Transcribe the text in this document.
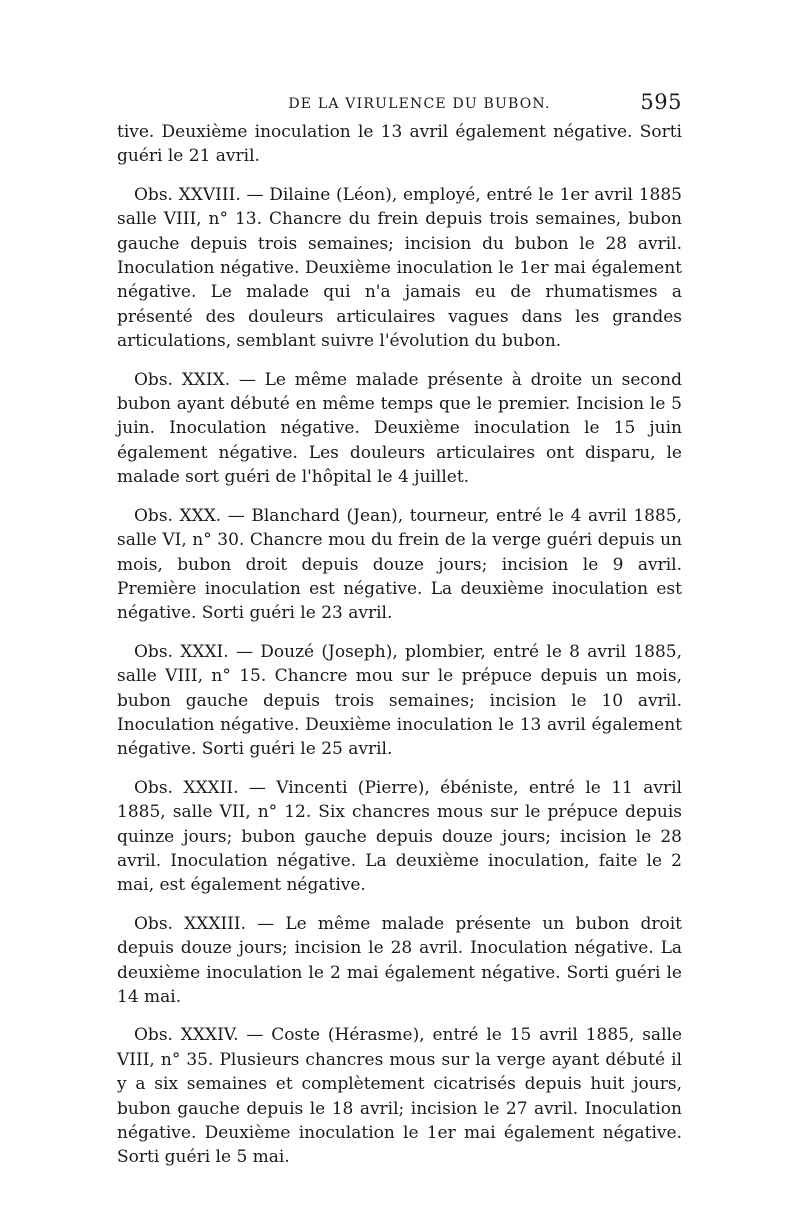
DE LA VIRULENCE DU BUBON.	595

tive. Deuxième inoculation le 13 avril également négative. Sorti guéri le 21 avril.

Obs. XXVIII. — Dilaine (Léon), employé, entré le 1er avril 1885 salle VIII, n° 13. Chancre du frein depuis trois semaines, bubon gauche depuis trois semaines; incision du bubon le 28 avril. Inoculation négative. Deuxième inoculation le 1er mai également négative. Le malade qui n'a jamais eu de rhumatismes a présenté des douleurs articulaires vagues dans les grandes articulations, semblant suivre l'évolution du bubon.

Obs. XXIX. — Le même malade présente à droite un second bubon ayant débuté en même temps que le premier. Incision le 5 juin. Inoculation négative. Deuxième inoculation le 15 juin également négative. Les douleurs articulaires ont disparu, le malade sort guéri de l'hôpital le 4 juillet.

Obs. XXX. — Blanchard (Jean), tourneur, entré le 4 avril 1885, salle VI, n° 30. Chancre mou du frein de la verge guéri depuis un mois, bubon droit depuis douze jours; incision le 9 avril. Première inoculation est négative. La deuxième inoculation est négative. Sorti guéri le 23 avril.

Obs. XXXI. — Douzé (Joseph), plombier, entré le 8 avril 1885, salle VIII, n° 15. Chancre mou sur le prépuce depuis un mois, bubon gauche depuis trois semaines; incision le 10 avril. Inoculation négative. Deuxième inoculation le 13 avril également négative. Sorti guéri le 25 avril.

Obs. XXXII. — Vincenti (Pierre), ébéniste, entré le 11 avril 1885, salle VII, n° 12. Six chancres mous sur le prépuce depuis quinze jours; bubon gauche depuis douze jours; incision le 28 avril. Inoculation négative. La deuxième inoculation, faite le 2 mai, est également négative.

Obs. XXXIII. — Le même malade présente un bubon droit depuis douze jours; incision le 28 avril. Inoculation négative. La deuxième inoculation le 2 mai également négative. Sorti guéri le 14 mai.

Obs. XXXIV. — Coste (Hérasme), entré le 15 avril 1885, salle VIII, n° 35. Plusieurs chancres mous sur la verge ayant débuté il y a six semaines et complètement cicatrisés depuis huit jours, bubon gauche depuis le 18 avril; incision le 27 avril. Inoculation négative. Deuxième inoculation le 1er mai également négative. Sorti guéri le 5 mai.
